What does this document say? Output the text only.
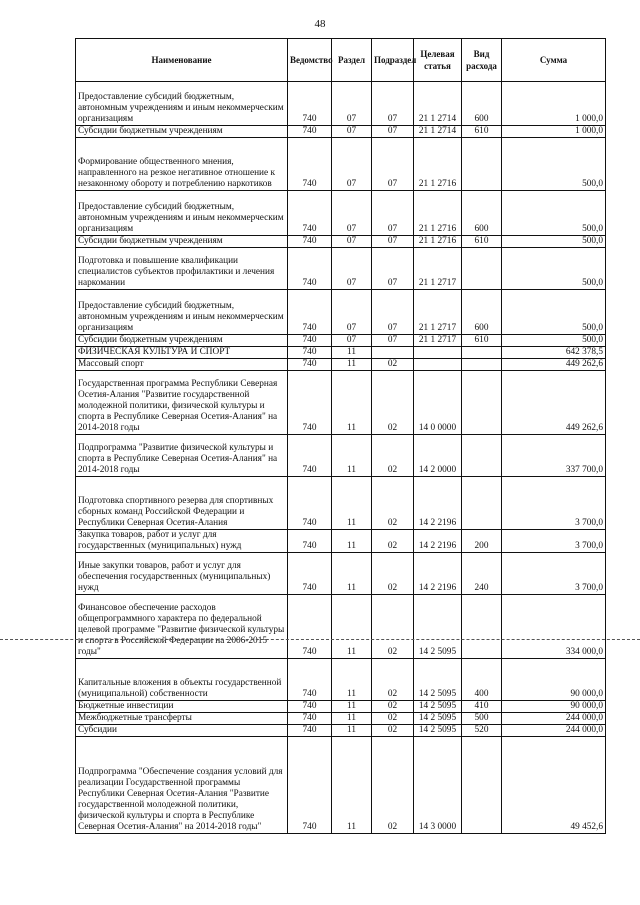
48
Наименование	Ведомство	Раздел	Подраздел	Целевая статья	Вид расхода	Сумма
Предоставление субсидий бюджетным, автономным учреждениям и иным некоммерческим организациям	740	07	07	21 1 2714	600	1 000,0
Субсидии бюджетным учреждениям	740	07	07	21 1 2714	610	1 000,0
Формирование общественного мнения, направленного на резкое негативное отношение к незаконному обороту и потреблению наркотиков	740	07	07	21 1 2716		500,0
Предоставление субсидий бюджетным, автономным учреждениям и иным некоммерческим организациям	740	07	07	21 1 2716	600	500,0
Субсидии бюджетным учреждениям	740	07	07	21 1 2716	610	500,0
Подготовка и повышение квалификации специалистов субъектов профилактики и лечения наркомании	740	07	07	21 1 2717		500,0
Предоставление субсидий бюджетным, автономным учреждениям и иным некоммерческим организациям	740	07	07	21 1 2717	600	500,0
Субсидии бюджетным учреждениям	740	07	07	21 1 2717	610	500,0
ФИЗИЧЕСКАЯ КУЛЬТУРА И СПОРТ	740	11				642 378,5
Массовый спорт	740	11	02			449 262,6
Государственная программа Республики Северная Осетия-Алания "Развитие государственной молодежной политики, физической культуры и спорта в Республике Северная Осетия-Алания" на 2014-2018 годы	740	11	02	14 0 0000		449 262,6
Подпрограмма "Развитие физической культуры и спорта в Республике Северная Осетия-Алания" на 2014-2018 годы	740	11	02	14 2 0000		337 700,0
Подготовка спортивного резерва для спортивных сборных команд Российской Федерации и Республики Северная Осетия-Алания	740	11	02	14 2 2196		3 700,0
Закупка товаров, работ и услуг для государственных (муниципальных) нужд	740	11	02	14 2 2196	200	3 700,0
Иные закупки товаров, работ и услуг для обеспечения государственных (муниципальных) нужд	740	11	02	14 2 2196	240	3 700,0
Финансовое обеспечение расходов общепрограммного характера по федеральной целевой программе "Развитие физической культуры и спорта в Российской Федерации на 2006-2015 годы"	740	11	02	14 2 5095		334 000,0
Капитальные вложения в объекты государственной (муниципальной) собственности	740	11	02	14 2 5095	400	90 000,0
Бюджетные инвестиции	740	11	02	14 2 5095	410	90 000,0
Межбюджетные трансферты	740	11	02	14 2 5095	500	244 000,0
Субсидии	740	11	02	14 2 5095	520	244 000,0
Подпрограмма "Обеспечение создания условий для реализации Государственной программы Республики Северная Осетия-Алания "Развитие государственной молодежной политики, физической культуры и спорта в Республике Северная Осетия-Алания" на 2014-2018 годы"	740	11	02	14 3 0000		49 452,6
